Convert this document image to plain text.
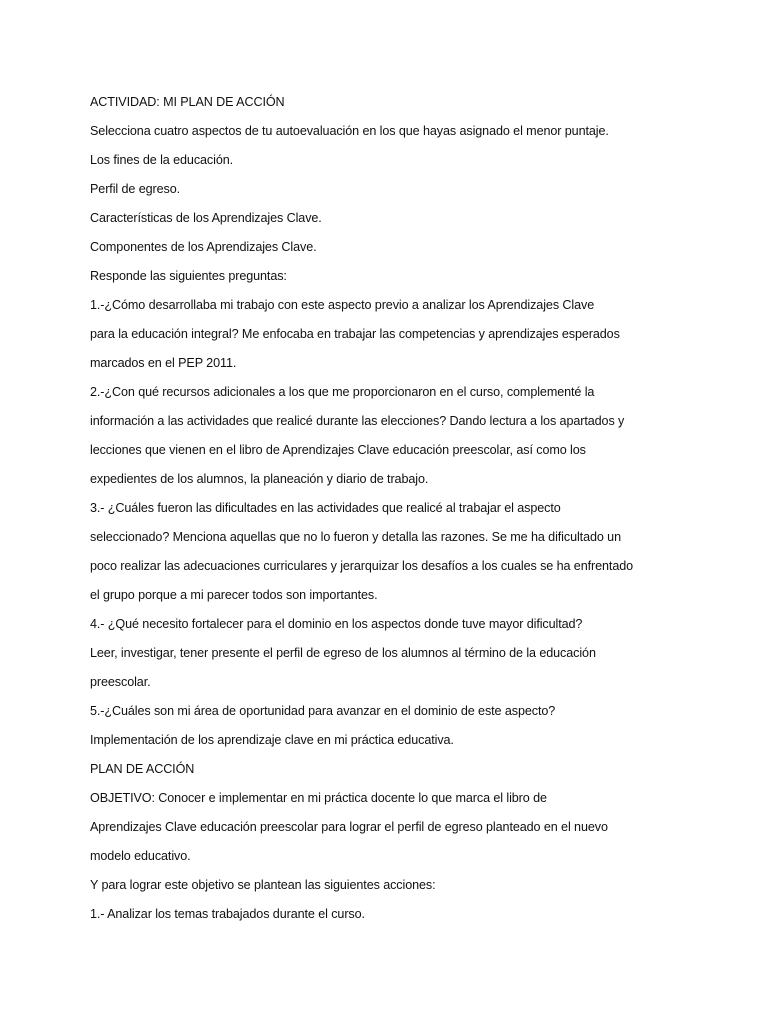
ACTIVIDAD: MI PLAN DE ACCIÓN
Selecciona cuatro aspectos de tu autoevaluación en los que hayas asignado el menor puntaje.
Los fines de la educación.
Perfil de egreso.
Características de los Aprendizajes Clave.
Componentes de los Aprendizajes Clave.
Responde las siguientes preguntas:
1.-¿Cómo desarrollaba mi trabajo con este aspecto previo a analizar los Aprendizajes Clave
para la educación integral? Me enfocaba en trabajar las competencias y aprendizajes esperados
marcados en el PEP 2011.
2.-¿Con qué recursos adicionales a los que me proporcionaron en el curso, complementé la
información a las actividades que realicé durante las elecciones? Dando lectura a los apartados y
lecciones que vienen en el libro de Aprendizajes Clave educación preescolar, así como los
expedientes de los alumnos, la planeación y diario de trabajo.
3.- ¿Cuáles fueron las dificultades en las actividades que realicé al trabajar el aspecto
seleccionado? Menciona aquellas que no lo fueron y detalla las razones. Se me ha dificultado un
poco realizar las adecuaciones curriculares y jerarquizar los desafíos a los cuales se ha enfrentado
el grupo porque a mi parecer todos son importantes.
4.- ¿Qué necesito fortalecer para el dominio en los aspectos donde tuve mayor dificultad?
Leer, investigar, tener presente el perfil de egreso de los alumnos al término de la educación
preescolar.
5.-¿Cuáles son mi área de oportunidad para avanzar en el dominio de este aspecto?
Implementación de los aprendizaje clave en mi práctica educativa.
PLAN DE ACCIÓN
OBJETIVO: Conocer e implementar en mi práctica docente lo que marca el libro de
Aprendizajes Clave educación preescolar para lograr el perfil de egreso planteado en el nuevo
modelo educativo.
Y para lograr este objetivo se plantean las siguientes acciones:
1.- Analizar los temas trabajados durante el curso.
